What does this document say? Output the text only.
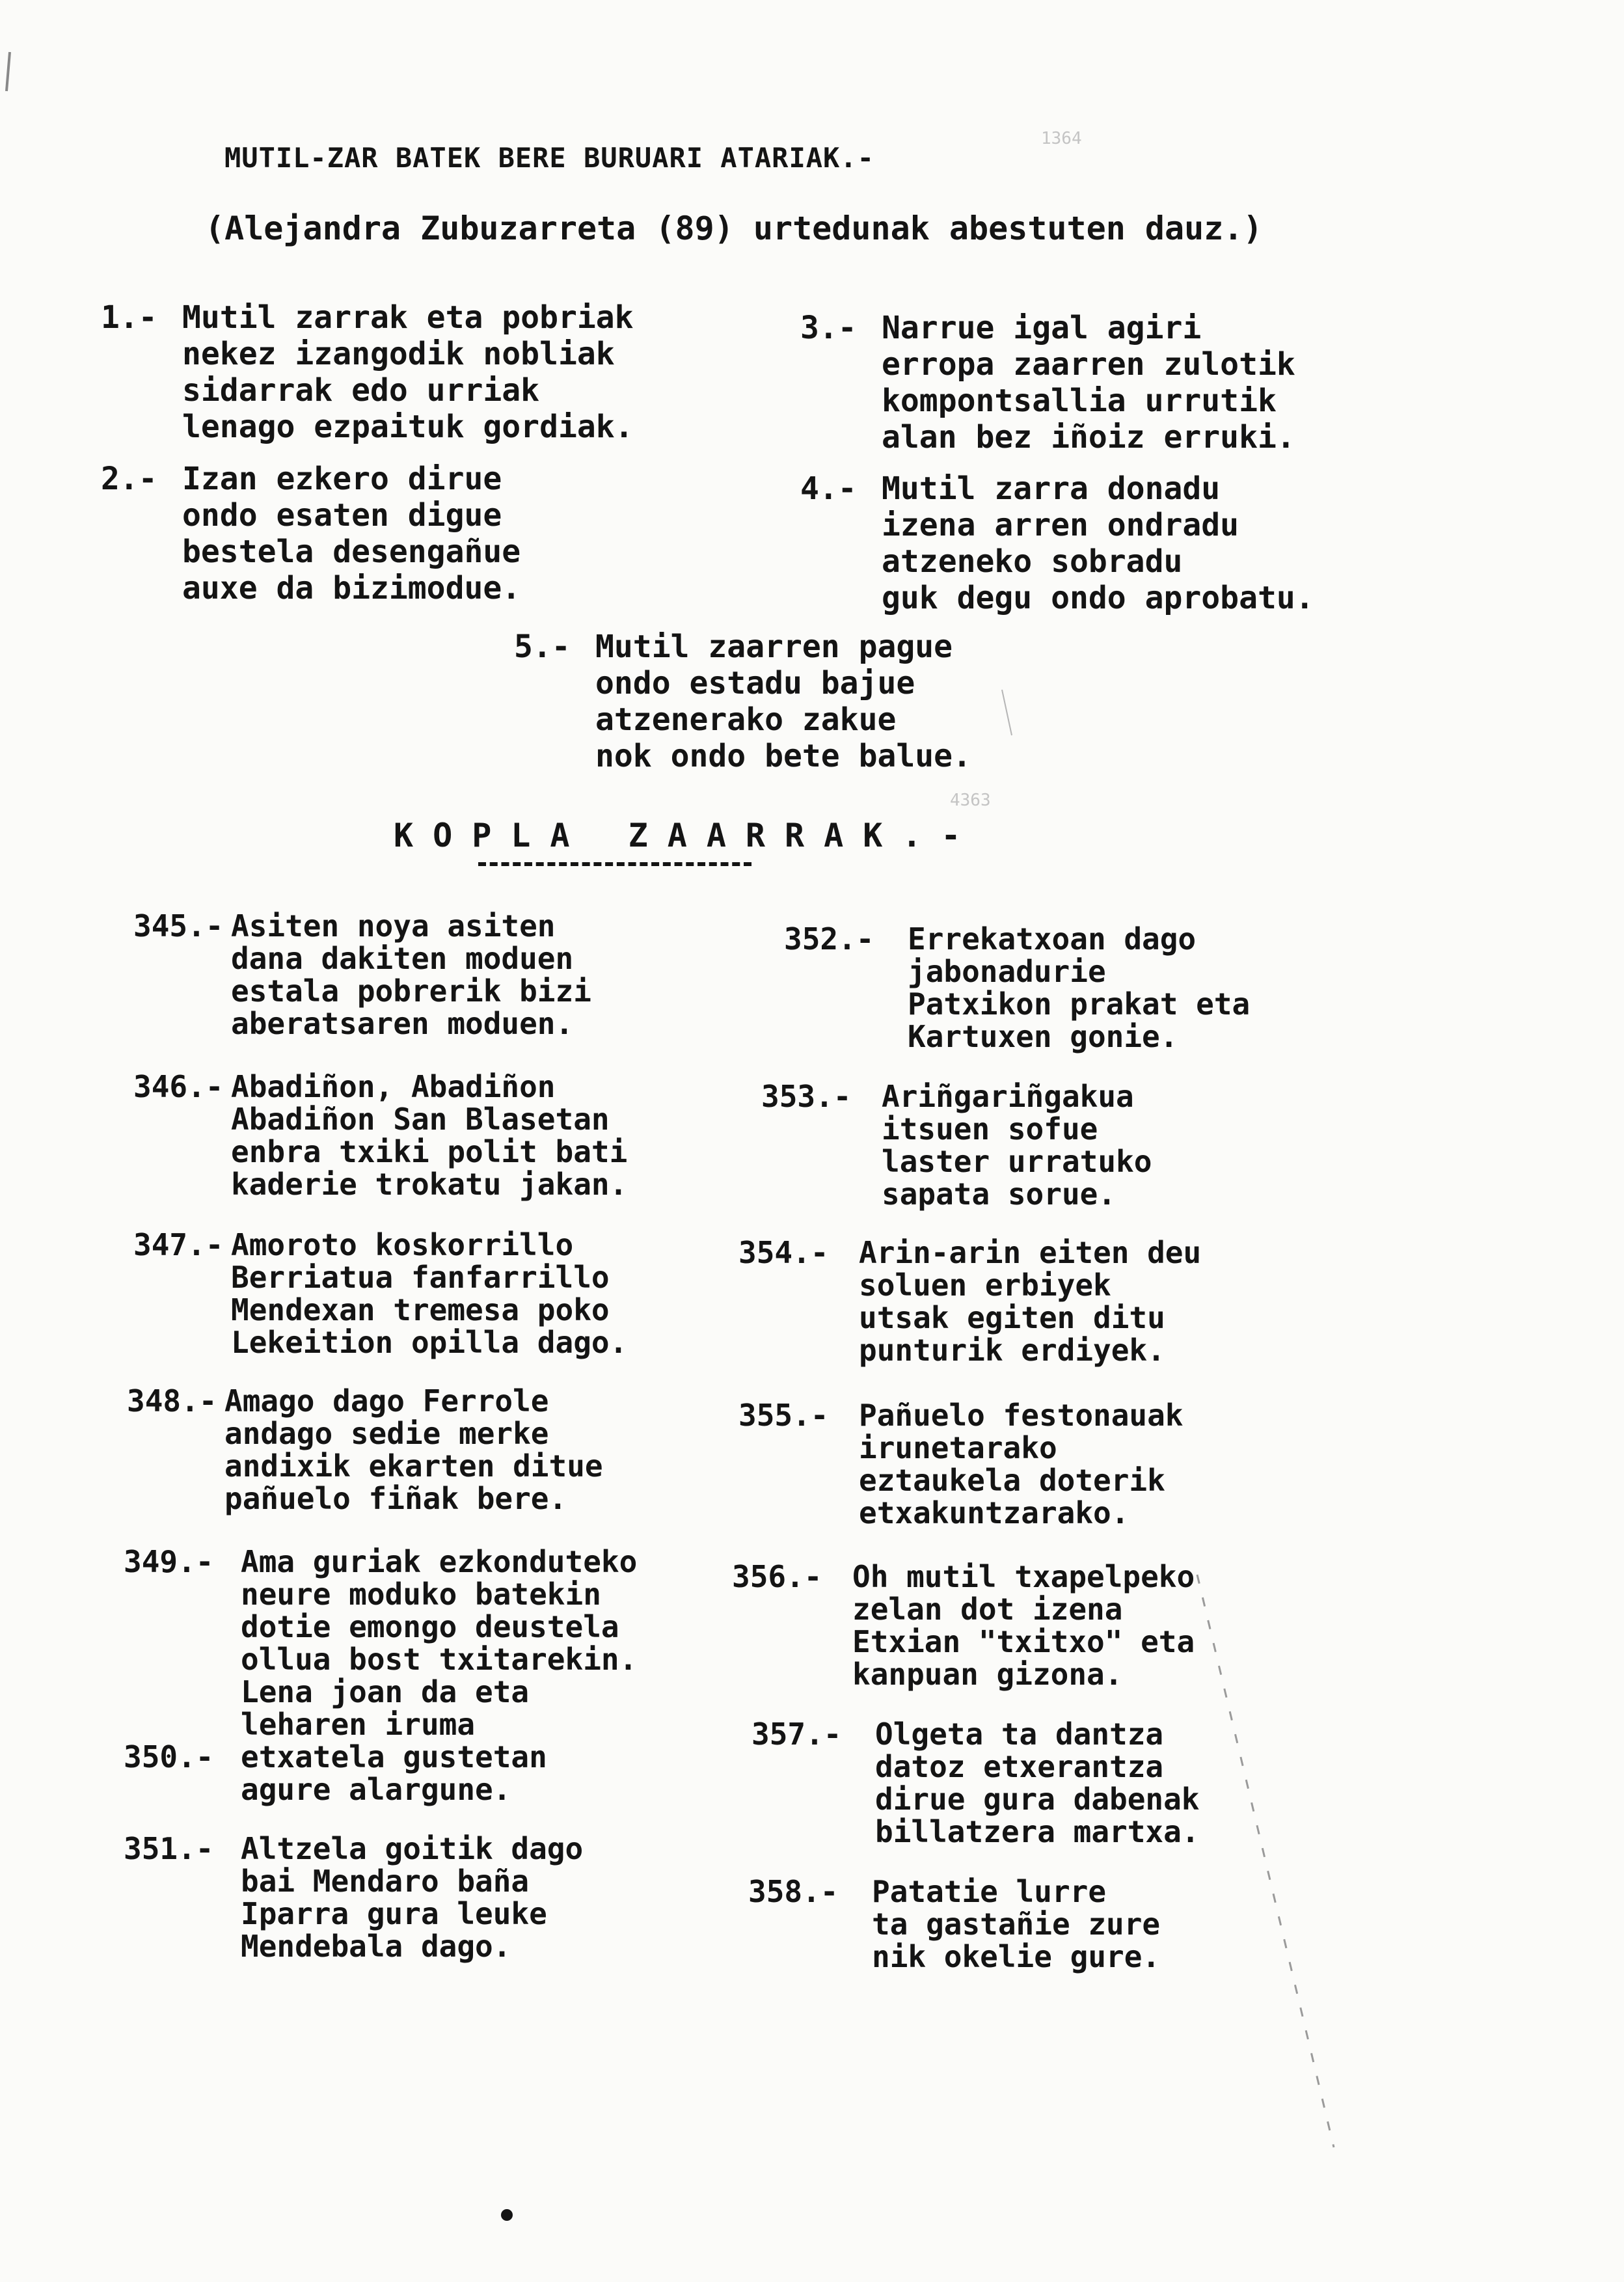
MUTIL-ZAR BATEK BERE BURUARI ATARIAK.-
(Alejandra Zubuzarreta (89) urtedunak abestuten dauz.)
1364
4363
1.- Mutil zarrak eta pobriak
nekez izangodik nobliak
sidarrak edo urriak
lenago ezpaituk gordiak.
2.- Izan ezkero dirue
ondo esaten digue
bestela desengañue
auxe da bizimodue.
3.- Narrue igal agiri
erropa zaarren zulotik
kompontsallia urrutik
alan bez iñoiz erruki.
4.- Mutil zarra donadu
izena arren ondradu
atzeneko sobradu
guk degu ondo aprobatu.
5.- Mutil zaarren pague
ondo estadu bajue
atzenerako zakue
nok ondo bete balue.
KOPLA ZAARRAK.-
345.- Asiten noya asiten
dana dakiten moduen
estala pobrerik bizi
aberatsaren moduen.
346.- Abadiñon, Abadiñon
Abadiñon San Blasetan
enbra txiki polit bati
kaderie trokatu jakan.
347.- Amoroto koskorrillo
Berriatua fanfarrillo
Mendexan tremesa poko
Lekeition opilla dago.
348.- Amago dago Ferrole
andago sedie merke
andixik ekarten ditue
pañuelo fiñak bere.
349.- Ama guriak ezkonduteko
neure moduko batekin
dotie emongo deustela
ollua bost txitarekin.
Lena joan da eta
leharen iruma
350.- etxatela gustetan
agure alargune.
351.- Altzela goitik dago
bai Mendaro baña
Iparra gura leuke
Mendebala dago.
352.- Errekatxoan dago
jabonadurie
Patxikon prakat eta
Kartuxen gonie.
353.- Ariñgariñgakua
itsuen sofue
laster urratuko
sapata sorue.
354.- Arin-arin eiten deu
soluen erbiyek
utsak egiten ditu
punturik erdiyek.
355.- Pañuelo festonauak
irunetarako
eztaukela doterik
etxakuntzarako.
356.- Oh mutil txapelpeko
zelan dot izena
Etxian "txitxo" eta
kanpuan gizona.
357.- Olgeta ta dantza
datoz etxerantza
dirue gura dabenak
billatzera martxa.
358.- Patatie lurre
ta gastañie zure
nik okelie gure.
